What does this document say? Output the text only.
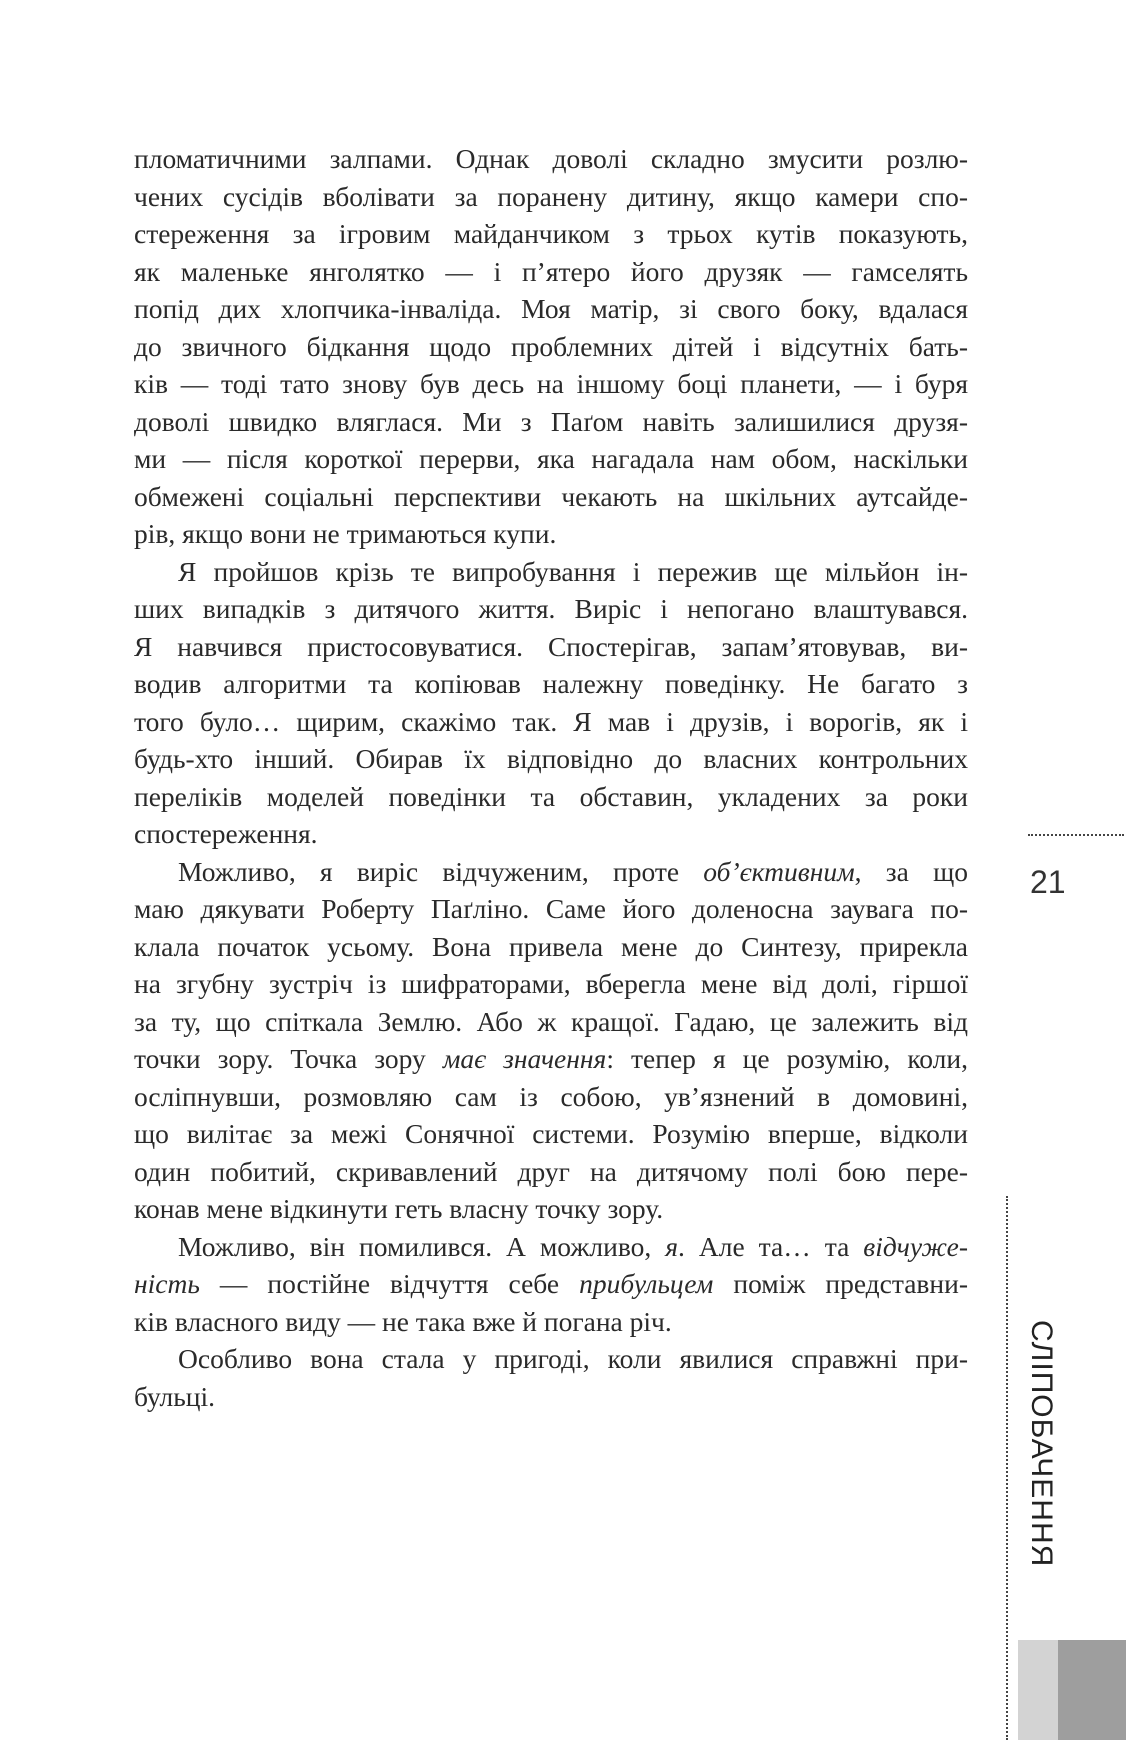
пломатичними залпами. Однак доволі складно змусити розлю-
чених сусідів вболівати за поранену дитину, якщо камери спо-
стереження за ігровим майданчиком з трьох кутів показують,
як маленьке янголятко — і п’ятеро його друзяк — гамселять
попід дих хлопчика-інваліда. Моя матір, зі свого боку, вдалася
до звичного бідкання щодо проблемних дітей і відсутніх бать-
ків — тоді тато знову був десь на іншому боці планети, — і буря
доволі швидко вляглася. Ми з Паґом навіть залишилися друзя-
ми — після короткої перерви, яка нагадала нам обом, наскільки
обмежені соціальні перспективи чекають на шкільних аутсайде-
рів, якщо вони не тримаються купи.
Я пройшов крізь те випробування і пережив ще мільйон ін-
ших випадків з дитячого життя. Виріс і непогано влаштувався.
Я навчився пристосовуватися. Спостерігав, запам’ятовував, ви-
водив алгоритми та копіював належну поведінку. Не багато з
того було… щирим, скажімо так. Я мав і друзів, і ворогів, як і
будь-хто інший. Обирав їх відповідно до власних контрольних
переліків моделей поведінки та обставин, укладених за роки
спостереження.
Можливо, я виріс відчуженим, проте об’єктивним, за що
маю дякувати Роберту Паґліно. Саме його доленосна заувага по-
клала початок усьому. Вона привела мене до Синтезу, прирекла
на згубну зустріч із шифраторами, вберегла мене від долі, гіршої
за ту, що спіткала Землю. Або ж кращої. Гадаю, це залежить від
точки зору. Точка зору має значення: тепер я це розумію, коли,
осліпнувши, розмовляю сам із собою, ув’язнений в домовині,
що вилітає за межі Сонячної системи. Розумію вперше, відколи
один побитий, скривавлений друг на дитячому полі бою пере-
конав мене відкинути геть власну точку зору.
Можливо, він помилився. А можливо, я. Але та… та відчуже-
ність — постійне відчуття себе прибульцем поміж представни-
ків власного виду — не така вже й погана річ.
Особливо вона стала у пригоді, коли явилися справжні при-
бульці.
21
СЛІПОБАЧЕННЯ
